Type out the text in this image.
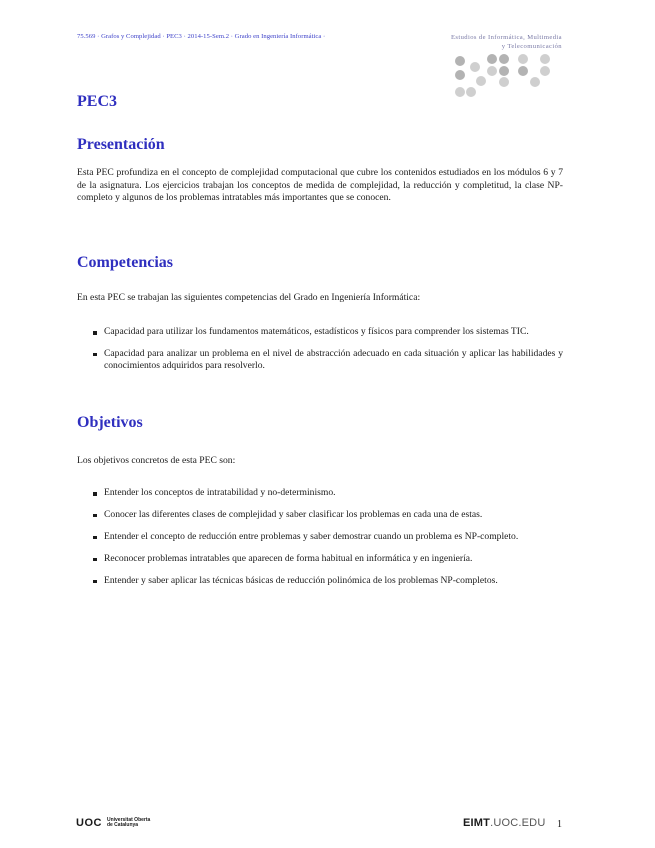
75.569 · Grafos y Complejidad · PEC3 · 2014-15-Sem.2 · Grado en Ingeniería Informática ·	Estudios de Informática, Multimedia
y Telecomunicación
PEC3
Presentación

Esta PEC profundiza en el concepto de complejidad computacional que cubre los contenidos estudiados en los módulos 6 y 7 de la asignatura. Los ejercicios trabajan los conceptos de medida de complejidad, la reducción y completitud, la clase NP-completo y algunos de los problemas intratables más importantes que se conocen.

Competencias

En esta PEC se trabajan las siguientes competencias del Grado en Ingeniería Informática:

Capacidad para utilizar los fundamentos matemáticos, estadísticos y físicos para comprender los sistemas TIC.
Capacidad para analizar un problema en el nivel de abstracción adecuado en cada situación y aplicar las habilidades y conocimientos adquiridos para resolverlo.
Objetivos

Los objetivos concretos de esta PEC son:

Entender los conceptos de intratabilidad y no-determinismo.
Conocer las diferentes clases de complejidad y saber clasificar los problemas en cada una de estas.
Entender el concepto de reducción entre problemas y saber demostrar cuando un problema es NP-completo.
Reconocer problemas intratables que aparecen de forma habitual en informática y en ingeniería.
Entender y saber aplicar las técnicas básicas de reducción polinómica de los problemas NP-completos.
UOC Universitat Oberta
de Catalunya	EIMT.UOC.EDU 1
